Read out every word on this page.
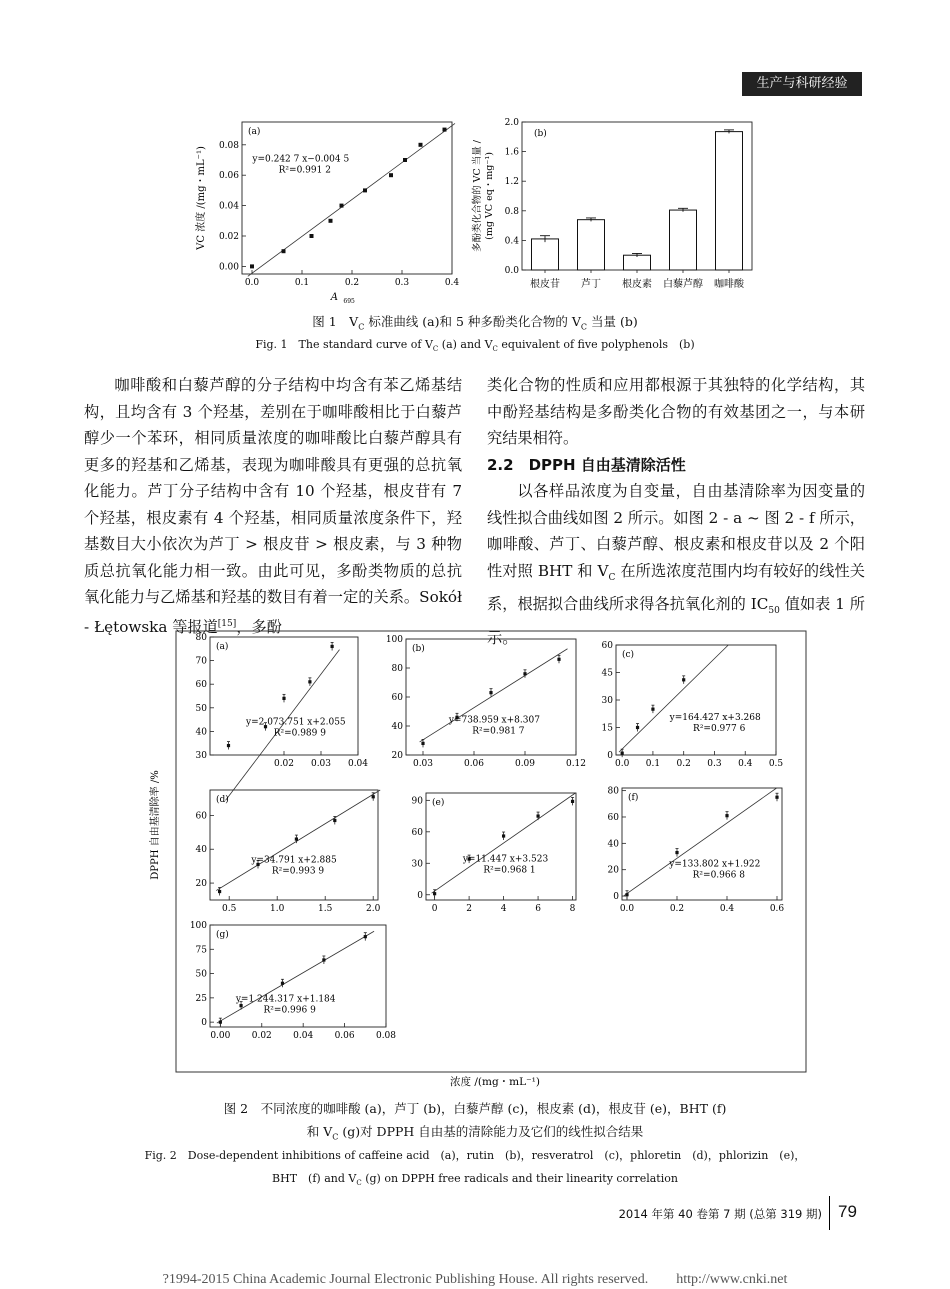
生产与科研经验
0.00
0.02
0.04
0.06
0.08
0.0	0.1	0.2	0.3	0.4
(a)
y=0.242 7 x−0.004 5
R²=0.991 2
VC 浓度 /(mg・mL⁻¹)
A 695
0.0
0.4
0.8
1.2
1.6
2.0
根皮苷 芦丁 根皮素 白藜芦醇 咖啡酸
(b)
多酚类化合物的 VC 当量 / (mg VC eq・mg⁻¹)
图 1　$V_C$ 标准曲线 (a)和 5 种多酚类化合物的 $V_C$ 当量 (b)
Fig. 1　The standard curve of $V_C$ (a) and $V_C$ equivalent of five polyphenols　(b)

咖啡酸和白藜芦醇的分子结构中均含有苯乙烯基结构，且均含有 3 个羟基，差别在于咖啡酸相比于白藜芦醇少一个苯环，相同质量浓度的咖啡酸比白藜芦醇具有更多的羟基和乙烯基，表现为咖啡酸具有更强的总抗氧化能力。芦丁分子结构中含有 10 个羟基，根皮苷有 7 个羟基，根皮素有 4 个羟基，相同质量浓度条件下，羟基数目大小依次为芦丁 > 根皮苷 > 根皮素，与 3 种物质总抗氧化能力相一致。由此可见，多酚类物质的总抗氧化能力与乙烯基和羟基的数目有着一定的关系。Sokół - Łętowska 等报道[15]，多酚

类化合物的性质和应用都根源于其独特的化学结构，其中酚羟基结构是多酚类化合物的有效基团之一，与本研究结果相符。

2.2　DPPH 自由基清除活性

以各样品浓度为自变量，自由基清除率为因变量的线性拟合曲线如图 2 所示。如图 2 - a ~ 图 2 - f 所示，咖啡酸、芦丁、白藜芦醇、根皮素和根皮苷以及 2 个阳性对照 BHT 和 $V_C$ 在所选浓度范围内均有较好的线性关系，根据拟合曲线所求得各抗氧化剂的 $IC_{50}$ 值如表 1 所示。

30
40
50
60
70
80
0.02 0.03 0.04
(a)
y=2 073.751 x+2.055
R²=0.989 9
20
40
60
80
100
0.03	0.06	0.09	0.12
(b)
y=738.959 x+8.307
R²=0.981 7
0
15
30
45
60
0.0 0.1 0.2 0.3 0.4 0.5
(c)
y=164.427 x+3.268
R²=0.977 6
20
40
60
0.5	1.0	1.5	2.0
(d)
y=34.791 x+2.885
R²=0.993 9
0
30
60
90
0	2	4	6	8
(e)
y=11.447 x+3.523
R²=0.968 1
0
20
40
60
80
0.0	0.2	0.4	0.6
(f)
y=133.802 x+1.922
R²=0.966 8
0
25
50
75
100
0.00 0.02 0.04 0.06 0.08
(g)
y=1 244.317 x+1.184
R²=0.996 9
DPPH 自由基清除率 /%
浓度 /(mg・mL⁻¹)
图 2　不同浓度的咖啡酸 (a)，芦丁 (b)，白藜芦醇 (c)，根皮素 (d)，根皮苷 (e)，BHT (f)
和 $V_C$ (g)对 DPPH 自由基的清除能力及它们的线性拟合结果
Fig. 2　Dose-dependent inhibitions of caffeine acid　(a)，rutin　(b)，resveratrol　(c)，phloretin　(d)，phlorizin　(e)，
BHT　(f) and $V_C$ (g) on DPPH free radicals and their linearity correlation
2014 年第 40 卷第 7 期 (总第 319 期) 79
?1994-2015 China Academic Journal Electronic Publishing House. All rights reserved.　　http://www.cnki.net
